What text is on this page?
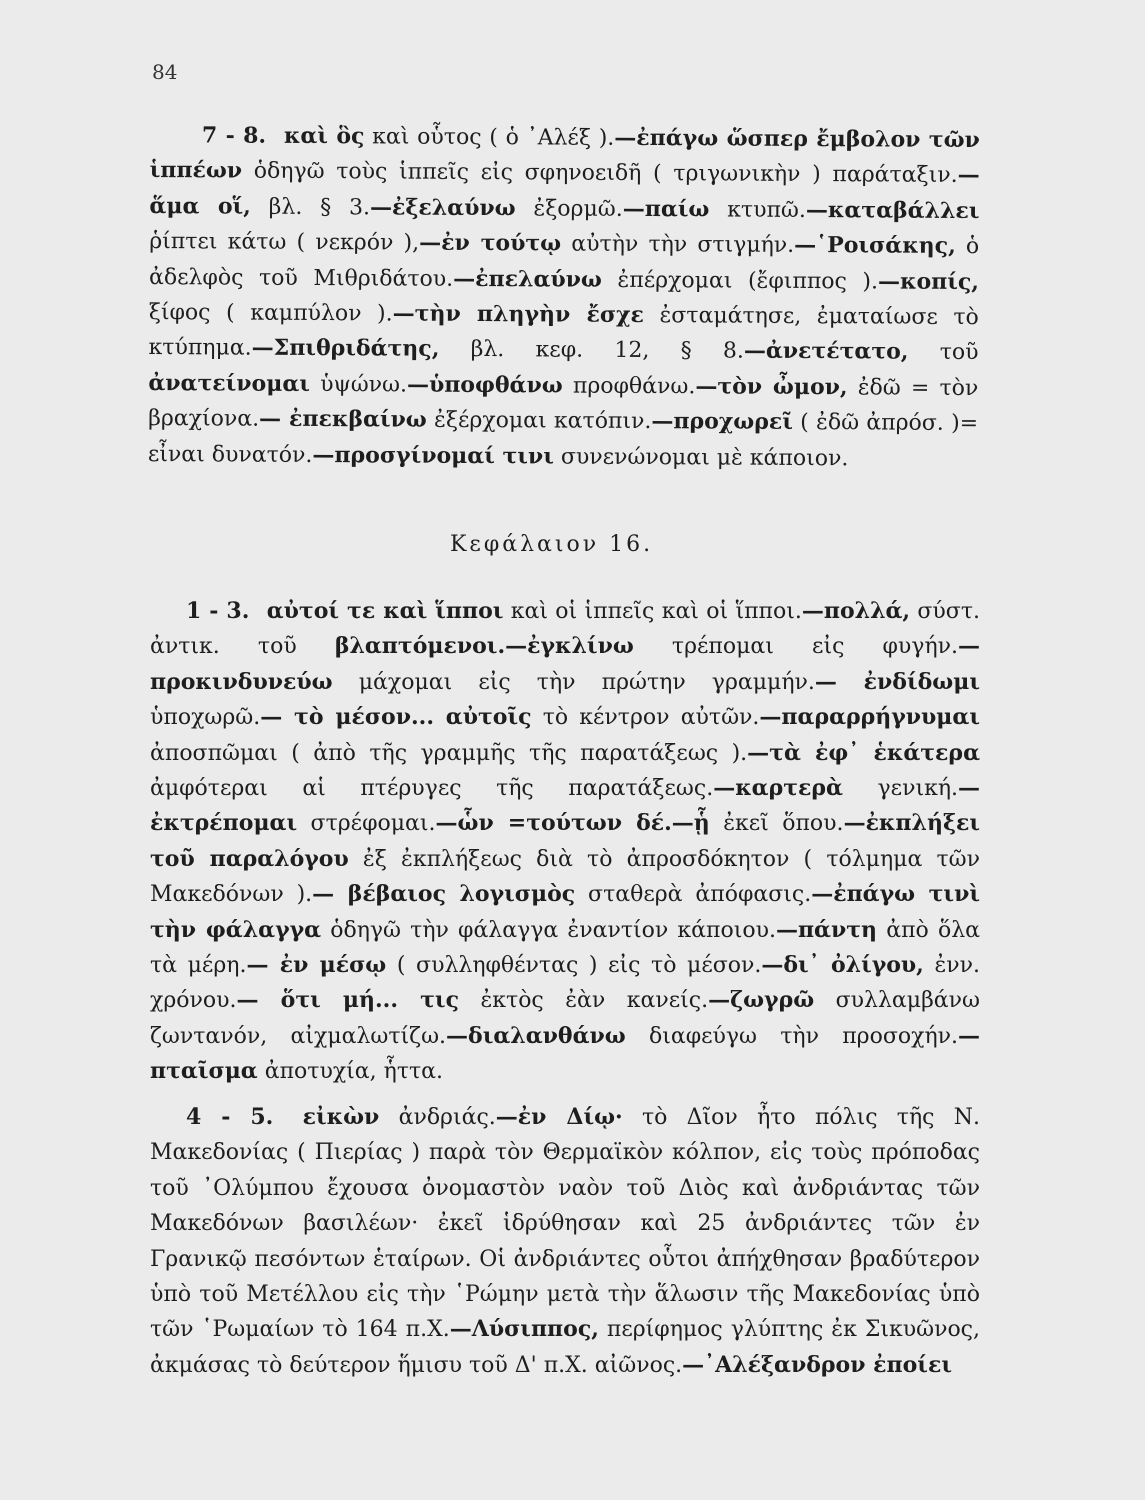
84

7 - 8. καὶ ὃς καὶ οὗτος ( ὁ ᾿Αλέξ ).—ἐπάγω ὥσπερ ἔμβολον τῶν ἱππέων ὁδηγῶ τοὺς ἱππεῖς εἰς σφηνοειδῆ ( τριγωνικὴν ) παράταξιν.—ἅμα οἵ, βλ. § 3.—ἐξελαύνω ἐξορμῶ.—παίω κτυπῶ.—καταβάλλει ῥίπτει κάτω ( νεκρόν ),—ἐν τούτῳ αὐτὴν τὴν στιγμήν.—῾Ροισάκης, ὁ ἀδελφὸς τοῦ Μιθριδάτου.—ἐπελαύνω ἐπέρχομαι (ἔφιππος ).—κοπίς, ξίφος ( καμπύλον ).—τὴν πληγὴν ἔσχε ἐσταμάτησε, ἐματαίωσε τὸ κτύπημα.—Σπιθριδάτης, βλ. κεφ. 12, § 8.—ἀνετέτατο, τοῦ ἀνατείνομαι ὑψώνω.—ὑποφθάνω προφθάνω.—τὸν ὦμον, ἐδῶ = τὸν βραχίονα.— ἐπεκβαίνω ἐξέρχομαι κατόπιν.—προχωρεῖ ( ἐδῶ ἀπρόσ. )= εἶναι δυνατόν.—προσγίνομαί τινι συνενώνομαι μὲ κάποιον.

Κεφάλαιον 16.

1 - 3. αὐτοί τε καὶ ἵπποι καὶ οἱ ἱππεῖς καὶ οἱ ἵπποι.—πολλά, σύστ. ἀντικ. τοῦ βλαπτόμενοι.—ἐγκλίνω τρέπομαι εἰς φυγήν.— προκινδυνεύω μάχομαι εἰς τὴν πρώτην γραμμήν.— ἐνδίδωμι ὑποχωρῶ.— τὸ μέσον... αὐτοῖς τὸ κέντρον αὐτῶν.—παραρρήγνυμαι ἀποσπῶμαι ( ἀπὸ τῆς γραμμῆς τῆς παρατάξεως ).—τὰ ἐφ᾿ ἑκάτερα ἀμφότεραι αἱ πτέρυγες τῆς παρατάξεως.—καρτερὰ γενική.—ἐκτρέπομαι στρέφομαι.—ὧν =τούτων δέ.—ᾗ ἐκεῖ ὅπου.—ἐκπλήξει τοῦ παραλόγου ἐξ ἐκπλήξεως διὰ τὸ ἀπροσδόκητον ( τόλμημα τῶν Μακεδόνων ).— βέβαιος λογισμὸς σταθερὰ ἀπόφασις.—ἐπάγω τινὶ τὴν φάλαγγα ὁδηγῶ τὴν φάλαγγα ἐναντίον κάποιου.—πάντη ἀπὸ ὅλα τὰ μέρη.— ἐν μέσῳ ( συλληφθέντας ) εἰς τὸ μέσον.—δι᾿ ὀλίγου, ἐνν. χρόνου.— ὅτι μή... τις ἐκτὸς ἐὰν κανείς.—ζωγρῶ συλλαμβάνω ζωντανόν, αἰχμαλωτίζω.—διαλανθάνω διαφεύγω τὴν προσοχήν.— πταῖσμα ἀποτυχία, ἧττα.

4 - 5. εἰκὼν ἀνδριάς.—ἐν Δίῳ· τὸ Δῖον ἦτο πόλις τῆς Ν. Μακεδονίας ( Πιερίας ) παρὰ τὸν Θερμαϊκὸν κόλπον, εἰς τοὺς πρόποδας τοῦ ᾿Ολύμπου ἔχουσα ὀνομαστὸν ναὸν τοῦ Διὸς καὶ ἀνδριάντας τῶν Μακεδόνων βασιλέων· ἐκεῖ ἱδρύθησαν καὶ 25 ἀνδριάντες τῶν ἐν Γρανικῷ πεσόντων ἑταίρων. Οἱ ἀνδριάντες οὗτοι ἀπήχθησαν βραδύτερον ὑπὸ τοῦ Μετέλλου εἰς τὴν ῾Ρώμην μετὰ τὴν ἅλωσιν τῆς Μακεδονίας ὑπὸ τῶν ῾Ρωμαίων τὸ 164 π.Χ.—Λύσιππος, περίφημος γλύπτης ἐκ Σικυῶνος, ἀκμάσας τὸ δεύτερον ἥμισυ τοῦ Δ' π.Χ. αἰῶνος.—᾿Αλέξανδρον ἐποίει
